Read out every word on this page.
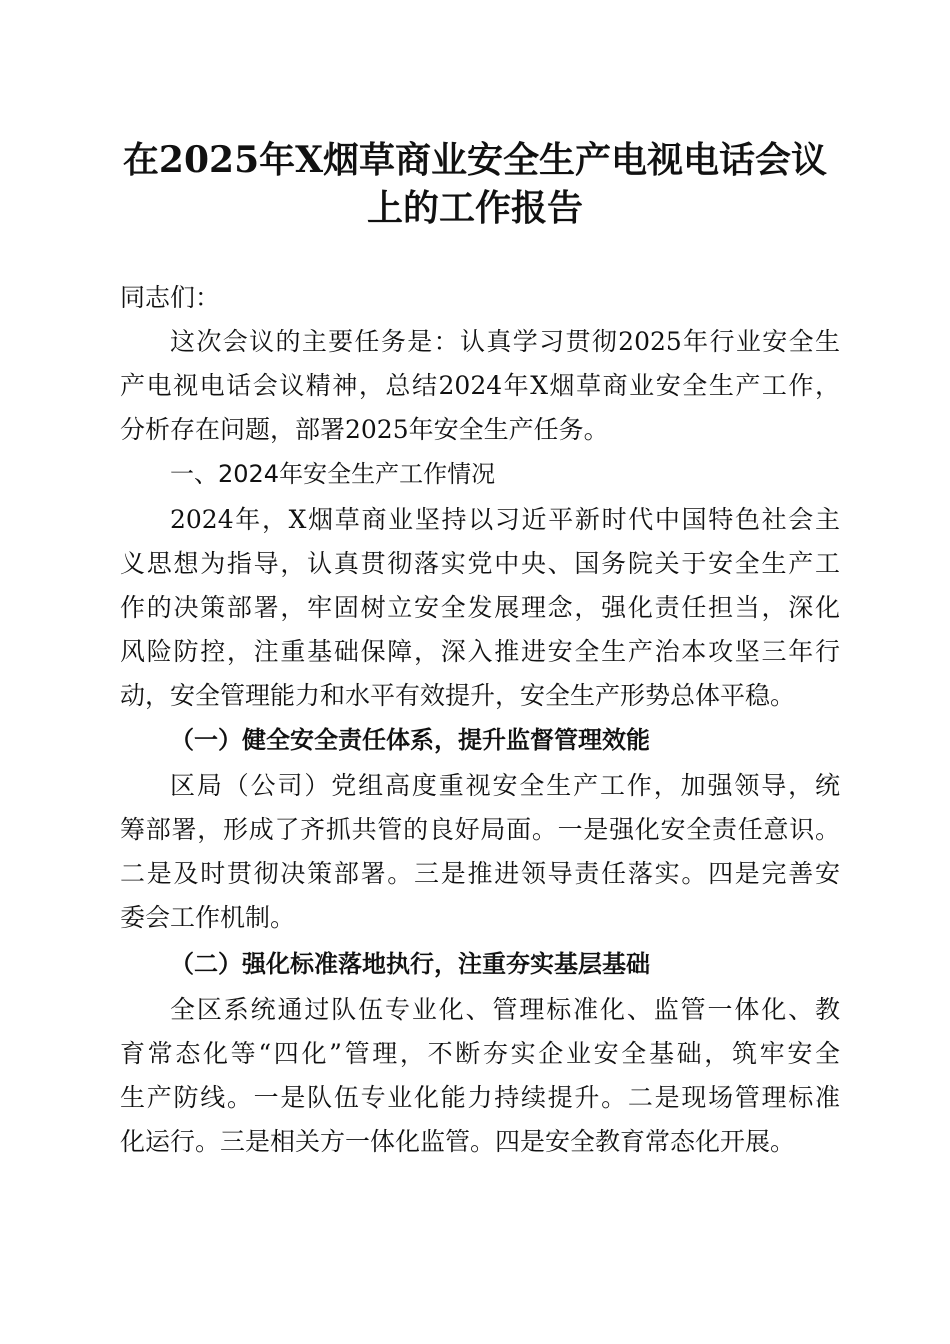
在2025年X烟草商业安全生产电视电话会议
上的工作报告
同志们：
这次会议的主要任务是：认真学习贯彻2025年行业安全生
产电视电话会议精神，总结2024年X烟草商业安全生产工作，
分析存在问题，部署2025年安全生产任务。
一、2024年安全生产工作情况
2024年，X烟草商业坚持以习近平新时代中国特色社会主
义思想为指导，认真贯彻落实党中央、国务院关于安全生产工
作的决策部署，牢固树立安全发展理念，强化责任担当，深化
风险防控，注重基础保障，深入推进安全生产治本攻坚三年行
动，安全管理能力和水平有效提升，安全生产形势总体平稳。
（一）健全安全责任体系，提升监督管理效能
区局（公司）党组高度重视安全生产工作，加强领导，统
筹部署，形成了齐抓共管的良好局面。一是强化安全责任意识。
二是及时贯彻决策部署。三是推进领导责任落实。四是完善安
委会工作机制。
（二）强化标准落地执行，注重夯实基层基础
全区系统通过队伍专业化、管理标准化、监管一体化、教
育常态化等“四化”管理，不断夯实企业安全基础，筑牢安全
生产防线。一是队伍专业化能力持续提升。二是现场管理标准
化运行。三是相关方一体化监管。四是安全教育常态化开展。
